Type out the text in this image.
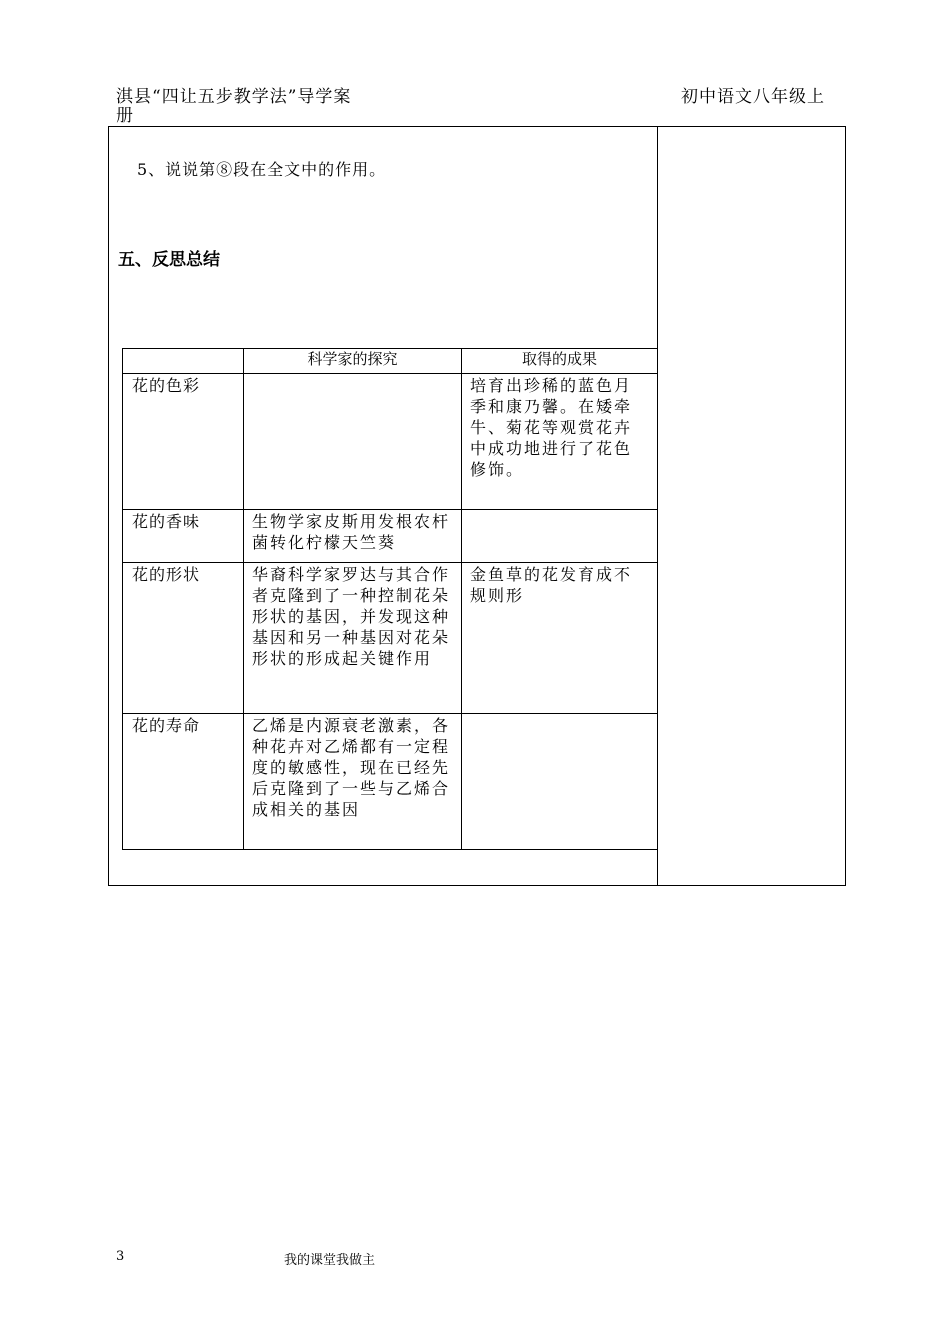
淇县“四让五步教学法”导学案
册
初中语文八年级上
5、说说第⑧段在全文中的作用。
五、反思总结
	科学家的探究	取得的成果

花的色彩		培育出珍稀的蓝色月季和康乃馨。在矮牵牛、菊花等观赏花卉中成功地进行了花色修饰。

花的香味	生物学家皮斯用发根农杆菌转化柠檬天竺葵	

花的形状	华裔科学家罗达与其合作者克隆到了一种控制花朵形状的基因，并发现这种基因和另一种基因对花朵形状的形成起关键作用	金鱼草的花发育成不规则形

花的寿命	乙烯是内源衰老激素，各种花卉对乙烯都有一定程度的敏感性，现在已经先后克隆到了一些与乙烯合成相关的基因	

3	我的课堂我做主
